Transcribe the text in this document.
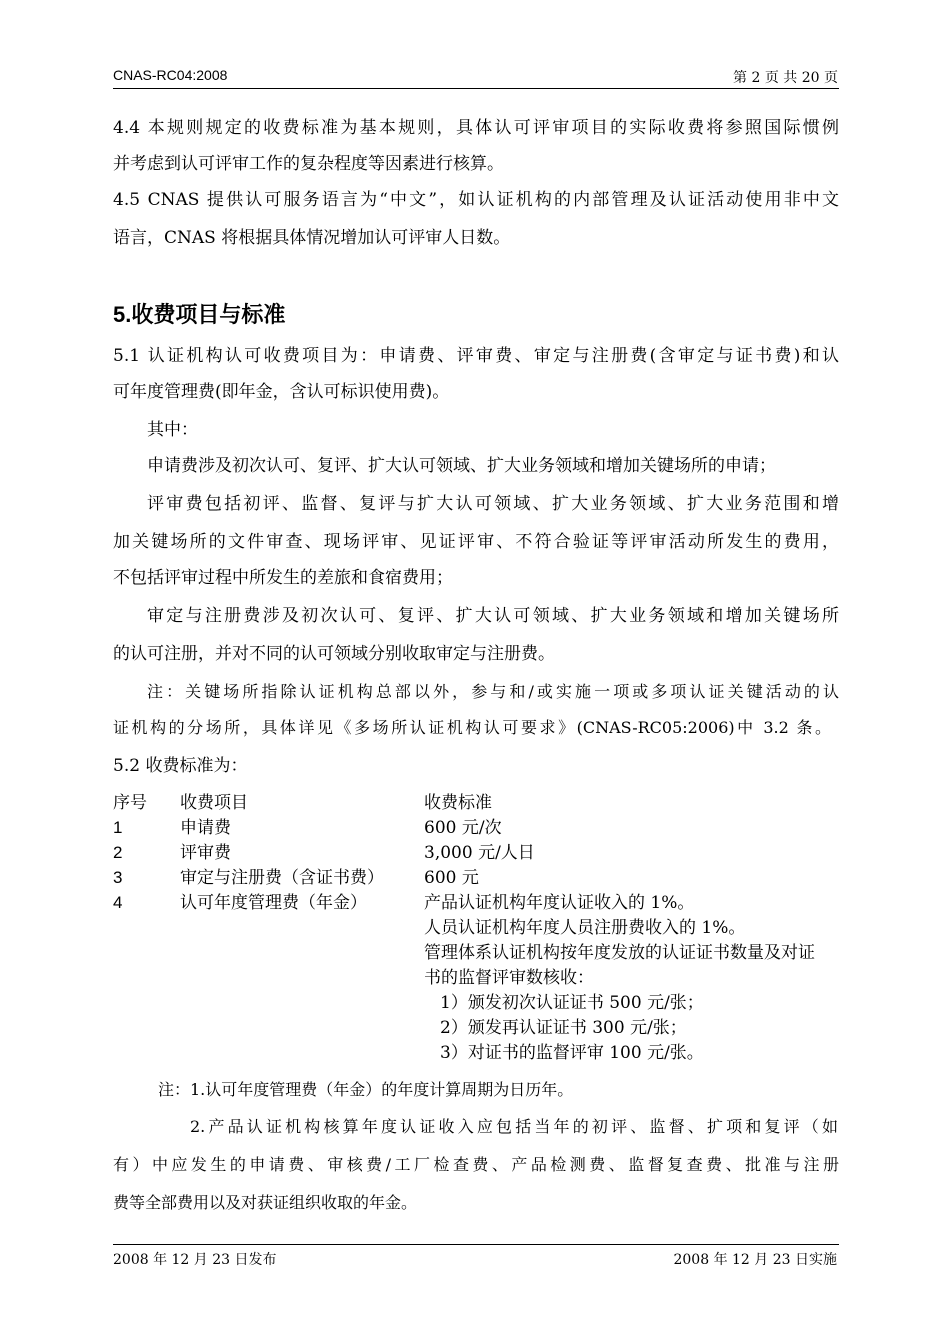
CNAS-RC04:2008	第 2 页 共 20 页
4.4 本规则规定的收费标准为基本规则，具体认可评审项目的实际收费将参照国际惯例
并考虑到认可评审工作的复杂程度等因素进行核算。
4.5 CNAS 提供认可服务语言为“中文”，如认证机构的内部管理及认证活动使用非中文
语言，CNAS 将根据具体情况增加认可评审人日数。
5.收费项目与标准
5.1 认证机构认可收费项目为：申请费、评审费、审定与注册费(含审定与证书费)和认
可年度管理费(即年金，含认可标识使用费)。
其中：
申请费涉及初次认可、复评、扩大认可领域、扩大业务领域和增加关键场所的申请；
评审费包括初评、监督、复评与扩大认可领域、扩大业务领域、扩大业务范围和增
加关键场所的文件审查、现场评审、见证评审、不符合验证等评审活动所发生的费用，
不包括评审过程中所发生的差旅和食宿费用；
审定与注册费涉及初次认可、复评、扩大认可领域、扩大业务领域和增加关键场所
的认可注册，并对不同的认可领域分别收取审定与注册费。
注：关键场所指除认证机构总部以外，参与和/或实施一项或多项认证关键活动的认
证机构的分场所，具体详见《多场所认证机构认可要求》(CNAS-RC05:2006)中 3.2 条。
5.2 收费标准为：
序号 收费项目	收费标准
1	申请费	600 元/次
2	评审费	3,000 元/人日
3	审定与注册费（含证书费） 600 元
4	认可年度管理费（年金）	产品认证机构年度认证收入的 1%。
人员认证机构年度人员注册费收入的 1%。
管理体系认证机构按年度发放的认证证书数量及对证
书的监督评审数核收：
1）颁发初次认证证书 500 元/张；
2）颁发再认证证书 300 元/张；
3）对证书的监督评审 100 元/张。
注：1.认可年度管理费（年金）的年度计算周期为日历年。
2.产品认证机构核算年度认证收入应包括当年的初评、监督、扩项和复评（如
有）中应发生的申请费、审核费/工厂检查费、产品检测费、监督复查费、批准与注册
费等全部费用以及对获证组织收取的年金。
2008 年 12 月 23 日发布	2008 年 12 月 23 日实施
